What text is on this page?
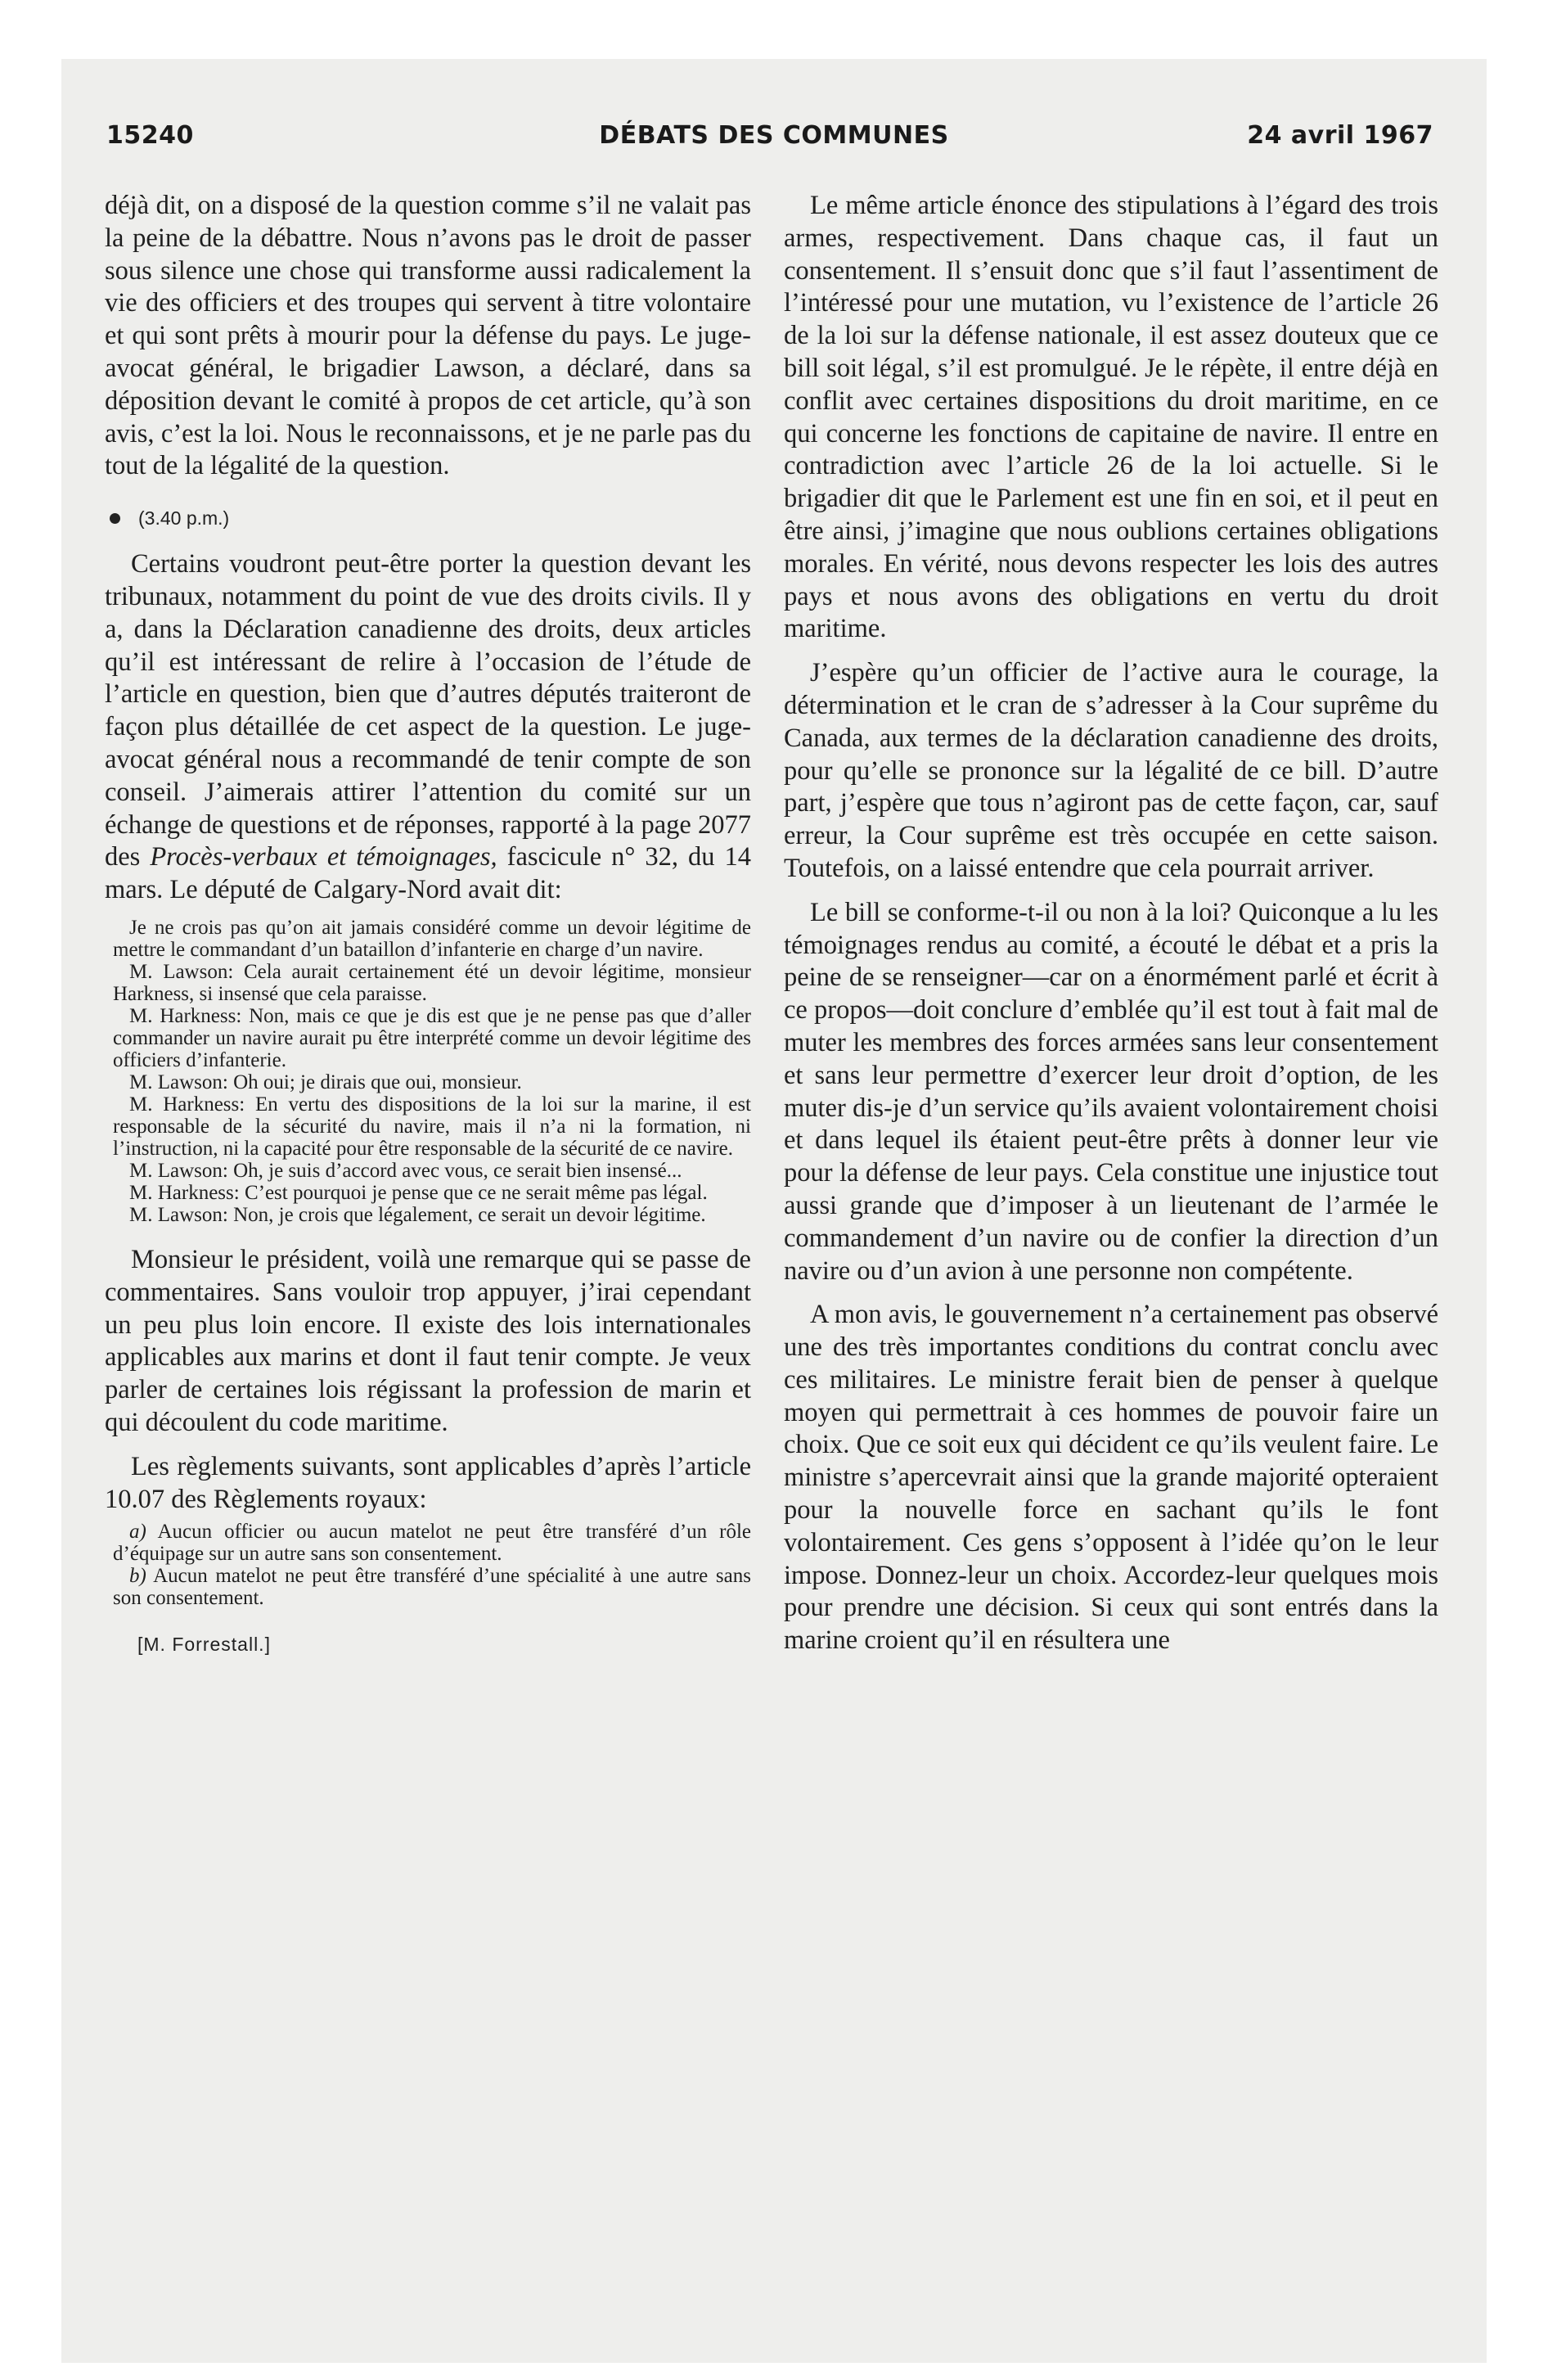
15240	DÉBATS DES COMMUNES	24 avril 1967

déjà dit, on a disposé de la question comme s’il ne valait pas la peine de la débattre. Nous n’avons pas le droit de passer sous silence une chose qui transforme aussi radicalement la vie des officiers et des troupes qui servent à titre volontaire et qui sont prêts à mourir pour la défense du pays. Le juge-avocat général, le brigadier Lawson, a déclaré, dans sa déposition devant le comité à propos de cet article, qu’à son avis, c’est la loi. Nous le reconnaissons, et je ne parle pas du tout de la légalité de la question.

(3.40 p.m.)

Certains voudront peut-être porter la question devant les tribunaux, notamment du point de vue des droits civils. Il y a, dans la Déclaration canadienne des droits, deux articles qu’il est intéressant de relire à l’occasion de l’étude de l’article en question, bien que d’autres députés traiteront de façon plus détaillée de cet aspect de la question. Le juge-avocat général nous a recommandé de tenir compte de son conseil. J’aimerais attirer l’attention du comité sur un échange de questions et de réponses, rapporté à la page 2077 des Procès-verbaux et témoignages, fascicule n° 32, du 14 mars. Le député de Calgary-Nord avait dit:

Je ne crois pas qu’on ait jamais considéré comme un devoir légitime de mettre le commandant d’un bataillon d’infanterie en charge d’un navire.

M. Lawson: Cela aurait certainement été un devoir légitime, monsieur Harkness, si insensé que cela paraisse.

M. Harkness: Non, mais ce que je dis est que je ne pense pas que d’aller commander un navire aurait pu être interprété comme un devoir légitime des officiers d’infanterie.

M. Lawson: Oh oui; je dirais que oui, monsieur.

M. Harkness: En vertu des dispositions de la loi sur la marine, il est responsable de la sécurité du navire, mais il n’a ni la formation, ni l’instruction, ni la capacité pour être responsable de la sécurité de ce navire.

M. Lawson: Oh, je suis d’accord avec vous, ce serait bien insensé...

M. Harkness: C’est pourquoi je pense que ce ne serait même pas légal.

M. Lawson: Non, je crois que légalement, ce serait un devoir légitime.

Monsieur le président, voilà une remarque qui se passe de commentaires. Sans vouloir trop appuyer, j’irai cependant un peu plus loin encore. Il existe des lois internationales applicables aux marins et dont il faut tenir compte. Je veux parler de certaines lois régissant la profession de marin et qui découlent du code maritime.

Les règlements suivants, sont applicables d’après l’article 10.07 des Règlements royaux:

a) Aucun officier ou aucun matelot ne peut être transféré d’un rôle d’équipage sur un autre sans son consentement.

b) Aucun matelot ne peut être transféré d’une spécialité à une autre sans son consentement.

[M. Forrestall.]

Le même article énonce des stipulations à l’égard des trois armes, respectivement. Dans chaque cas, il faut un consentement. Il s’ensuit donc que s’il faut l’assentiment de l’intéressé pour une mutation, vu l’existence de l’article 26 de la loi sur la défense nationale, il est assez douteux que ce bill soit légal, s’il est promulgué. Je le répète, il entre déjà en conflit avec certaines dispositions du droit maritime, en ce qui concerne les fonctions de capitaine de navire. Il entre en contradiction avec l’article 26 de la loi actuelle. Si le brigadier dit que le Parlement est une fin en soi, et il peut en être ainsi, j’imagine que nous oublions certaines obligations morales. En vérité, nous devons respecter les lois des autres pays et nous avons des obligations en vertu du droit maritime.

J’espère qu’un officier de l’active aura le courage, la détermination et le cran de s’adresser à la Cour suprême du Canada, aux termes de la déclaration canadienne des droits, pour qu’elle se prononce sur la légalité de ce bill. D’autre part, j’espère que tous n’agiront pas de cette façon, car, sauf erreur, la Cour suprême est très occupée en cette saison. Toutefois, on a laissé entendre que cela pourrait arriver.

Le bill se conforme-t-il ou non à la loi? Quiconque a lu les témoignages rendus au comité, a écouté le débat et a pris la peine de se renseigner—car on a énormément parlé et écrit à ce propos—doit conclure d’emblée qu’il est tout à fait mal de muter les membres des forces armées sans leur consentement et sans leur permettre d’exercer leur droit d’option, de les muter dis-je d’un service qu’ils avaient volontairement choisi et dans lequel ils étaient peut-être prêts à donner leur vie pour la défense de leur pays. Cela constitue une injustice tout aussi grande que d’imposer à un lieutenant de l’armée le commandement d’un navire ou de confier la direction d’un navire ou d’un avion à une personne non compétente.

A mon avis, le gouvernement n’a certainement pas observé une des très importantes conditions du contrat conclu avec ces militaires. Le ministre ferait bien de penser à quelque moyen qui permettrait à ces hommes de pouvoir faire un choix. Que ce soit eux qui décident ce qu’ils veulent faire. Le ministre s’apercevrait ainsi que la grande majorité opteraient pour la nouvelle force en sachant qu’ils le font volontairement. Ces gens s’opposent à l’idée qu’on le leur impose. Donnez-leur un choix. Accordez-leur quelques mois pour prendre une décision. Si ceux qui sont entrés dans la marine croient qu’il en résultera une
